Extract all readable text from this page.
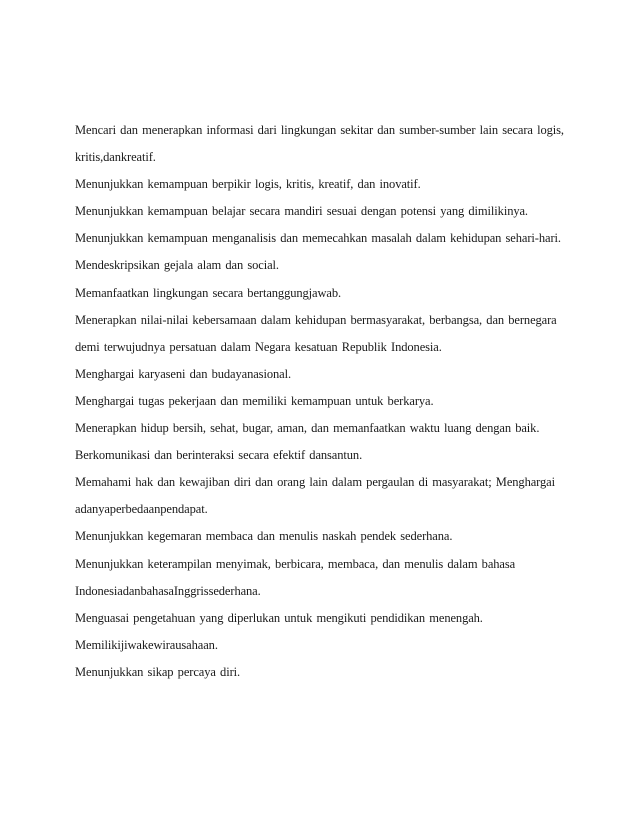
Mencari dan menerapkan informasi dari lingkungan sekitar dan sumber-sumber lain secara logis,
kritis,dankreatif.
Menunjukkan kemampuan berpikir logis, kritis, kreatif, dan inovatif.
Menunjukkan kemampuan belajar secara mandiri sesuai dengan potensi yang dimilikinya.
Menunjukkan kemampuan menganalisis dan memecahkan masalah dalam kehidupan sehari-hari.
Mendeskripsikan gejala alam dan social.
Memanfaatkan lingkungan secara bertanggungjawab.
Menerapkan nilai-nilai kebersamaan dalam kehidupan bermasyarakat, berbangsa, dan bernegara
demi terwujudnya persatuan dalam Negara kesatuan Republik Indonesia.
Menghargai karyaseni dan budayanasional.
Menghargai tugas pekerjaan dan memiliki kemampuan untuk berkarya.
Menerapkan hidup bersih, sehat, bugar, aman, dan memanfaatkan waktu luang dengan baik.
Berkomunikasi dan berinteraksi secara efektif dansantun.
Memahami hak dan kewajiban diri dan orang lain dalam pergaulan di masyarakat; Menghargai
adanyaperbedaanpendapat.
Menunjukkan kegemaran membaca dan menulis naskah pendek sederhana.
Menunjukkan keterampilan menyimak, berbicara, membaca, dan menulis dalam bahasa
IndonesiadanbahasaInggrissederhana.
Menguasai pengetahuan yang diperlukan untuk mengikuti pendidikan menengah.
Memilikijiwakewirausahaan.
Menunjukkan sikap percaya diri.
